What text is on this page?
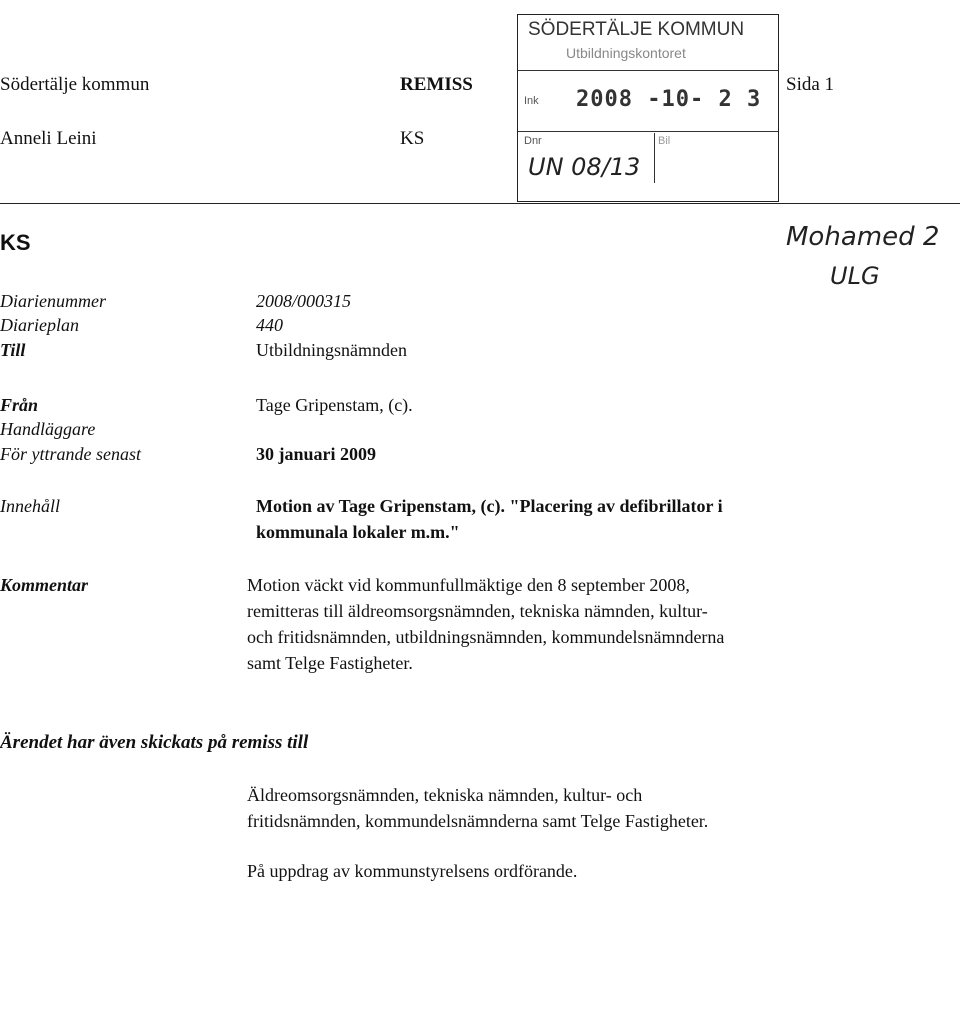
Södertälje kommun	REMISS	Sida 1
Anneli Leini	KS
SÖDERTÄLJE KOMMUN
Utbildningskontoret
Ink 2008 -10- 2 3
Dnr	Bil
UN 08/13
Mohamed 2
ULG
KS
Diarienummer	2008/000315
Diarieplan	440
Till	Utbildningsnämnden
Från	Tage Gripenstam, (c).
Handläggare
För yttrande senast	30 januari 2009
Innehåll	Motion av Tage Gripenstam, (c). "Placering av defibrillator i
kommunala lokaler m.m."
Kommentar	Motion väckt vid kommunfullmäktige den 8 september 2008,
remitteras till äldreomsorgsnämnden, tekniska nämnden, kultur-
och fritidsnämnden, utbildningsnämnden, kommundelsnämnderna
samt Telge Fastigheter.
Ärendet har även skickats på remiss till
Äldreomsorgsnämnden, tekniska nämnden, kultur- och
fritidsnämnden, kommundelsnämnderna samt Telge Fastigheter.
På uppdrag av kommunstyrelsens ordförande.
